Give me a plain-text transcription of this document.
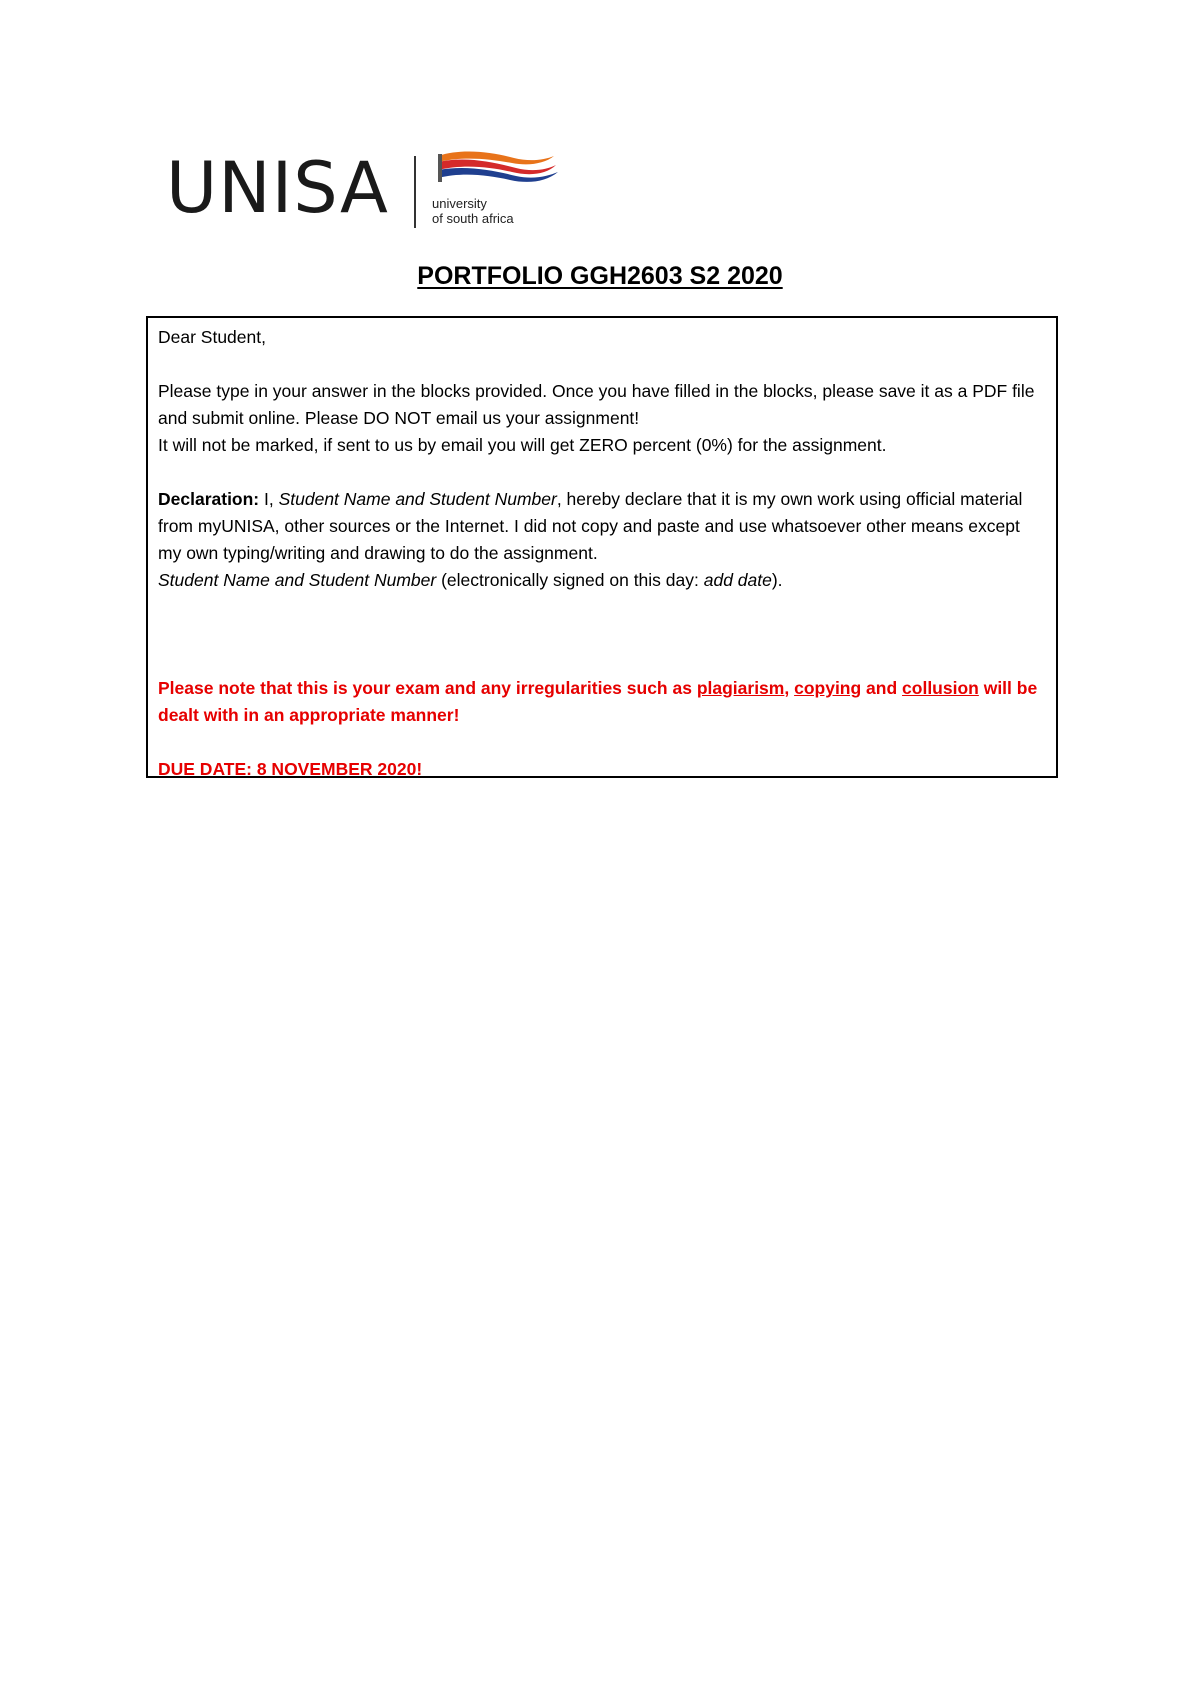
UNISA	university
of south africa
PORTFOLIO GGH2603 S2 2020

Dear Student,

Please type in your answer in the blocks provided. Once you have filled in the blocks, please save it as a PDF file and submit online. Please DO NOT email us your assignment!
It will not be marked, if sent to us by email you will get ZERO percent (0%) for the assignment.

Declaration: I, Student Name and Student Number, hereby declare that it is my own work using official material from myUNISA, other sources or the Internet. I did not copy and paste and use whatsoever other means except my own typing/writing and drawing to do the assignment.
Student Name and Student Number (electronically signed on this day: add date).

Please note that this is your exam and any irregularities such as plagiarism, copying and collusion will be dealt with in an appropriate manner!

DUE DATE: 8 NOVEMBER 2020!
